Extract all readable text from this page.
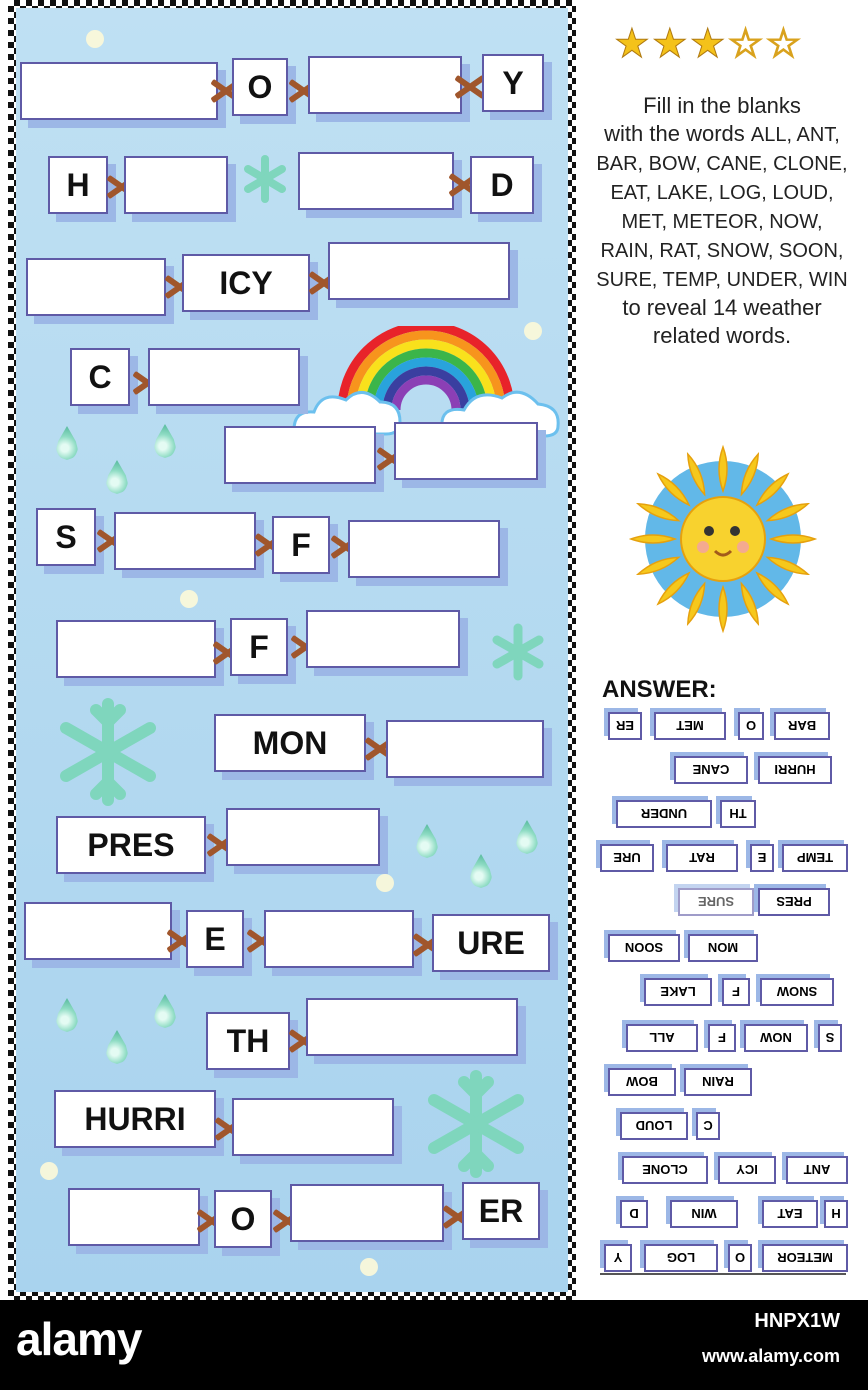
O	Y
H	D
ICY
C
S	F
F
MON
PRES
E	URE
TH
HURRI
O	ER
★ ★ ★ ☆ ☆
Fill in the blanks
with the words ALL, ANT, BAR, BOW, CANE, CLONE, EAT, LAKE, LOG, LOUD, MET, METEOR, NOW, RAIN, RAT, SNOW, SOON, SURE, TEMP, UNDER, WIN
to reveal 14 weather related words.
ANSWER:
BAR
O
MET
ER
HURRI
CANE
TH
UNDER
TEMP
E
RAT
URE
PRES
SURE
MON
SOON
SNOW
F
LAKE
S
NOW
F
ALL
RAIN
BOW
C
LOUD
ANT
ICY
CLONE
H
EAT
WIN
D
METEOR
O
LOG
Y
alamy	HNPX1W
www.alamy.com
